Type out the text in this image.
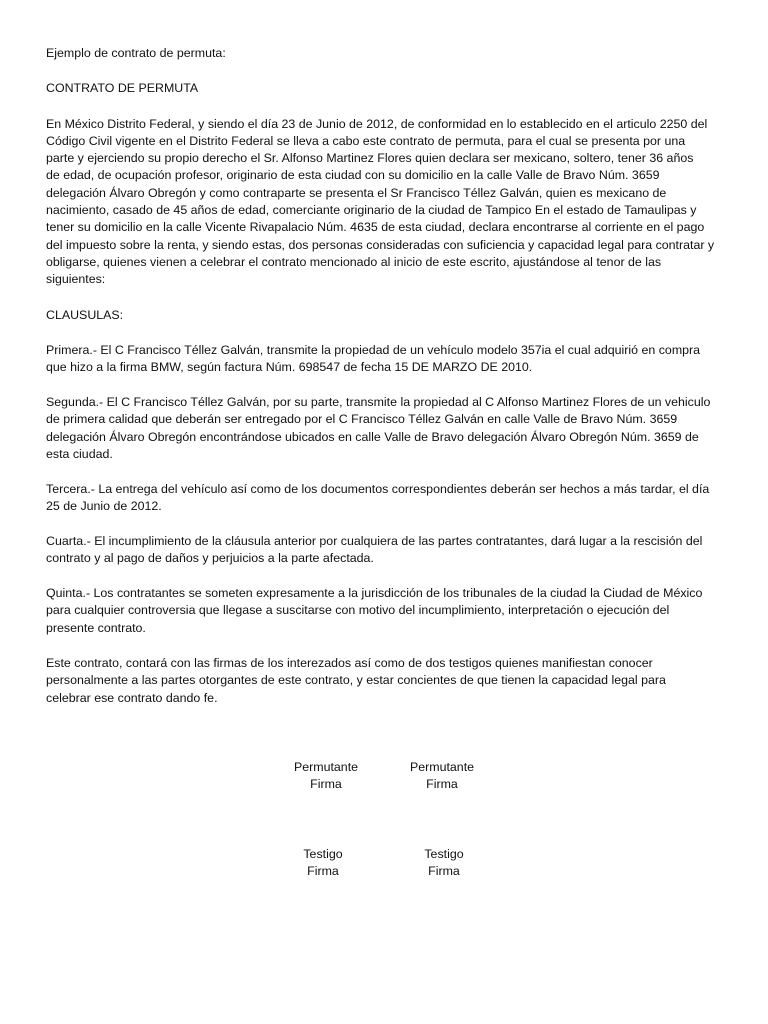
Ejemplo de contrato de permuta:
CONTRATO DE PERMUTA
En México Distrito Federal, y siendo el día 23 de Junio de 2012, de conformidad en lo establecido en el articulo 2250 del
Código Civil vigente en el Distrito Federal se lleva a cabo este contrato de permuta, para el cual se presenta por una
parte y ejerciendo su propio derecho el Sr. Alfonso Martinez Flores quien declara ser mexicano, soltero, tener 36 años
de edad, de ocupación profesor, originario de esta ciudad con su domicilio en la calle Valle de Bravo Núm. 3659
delegación Álvaro Obregón y como contraparte se presenta el Sr Francisco Téllez Galván, quien es mexicano de
nacimiento, casado de 45 años de edad, comerciante originario de la ciudad de Tampico En el estado de Tamaulipas y
tener su domicilio en la calle Vicente Rivapalacio Núm. 4635 de esta ciudad, declara encontrarse al corriente en el pago
del impuesto sobre la renta, y siendo estas, dos personas consideradas con suficiencia y capacidad legal para contratar y
obligarse, quienes vienen a celebrar el contrato mencionado al inicio de este escrito, ajustándose al tenor de las
siguientes:
CLAUSULAS:
Primera.- El C Francisco Téllez Galván, transmite la propiedad de un vehículo modelo 357ia el cual adquirió en compra
que hizo a la firma BMW, según factura Núm. 698547 de fecha 15 DE MARZO DE 2010.
Segunda.- El C Francisco Téllez Galván, por su parte, transmite la propiedad al C Alfonso Martinez Flores de un vehiculo
de primera calidad que deberán ser entregado por el C Francisco Téllez Galván en calle Valle de Bravo Núm. 3659
delegación Álvaro Obregón encontrándose ubicados en calle Valle de Bravo delegación Álvaro Obregón Núm. 3659 de
esta ciudad.
Tercera.- La entrega del vehículo así como de los documentos correspondientes deberán ser hechos a más tardar, el día
25 de Junio de 2012.
Cuarta.- El incumplimiento de la cláusula anterior por cualquiera de las partes contratantes, dará lugar a la rescisión del
contrato y al pago de daños y perjuicios a la parte afectada.
Quinta.- Los contratantes se someten expresamente a la jurisdicción de los tribunales de la ciudad la Ciudad de México
para cualquier controversia que llegase a suscitarse con motivo del incumplimiento, interpretación o ejecución del
presente contrato.
Este contrato, contará con las firmas de los interezados así como de dos testigos quienes manifiestan conocer
personalmente a las partes otorgantes de este contrato, y estar concientes de que tienen la capacidad legal para
celebrar ese contrato dando fe.
Permutante
Firma
Permutante
Firma
Testigo
Firma
Testigo
Firma
